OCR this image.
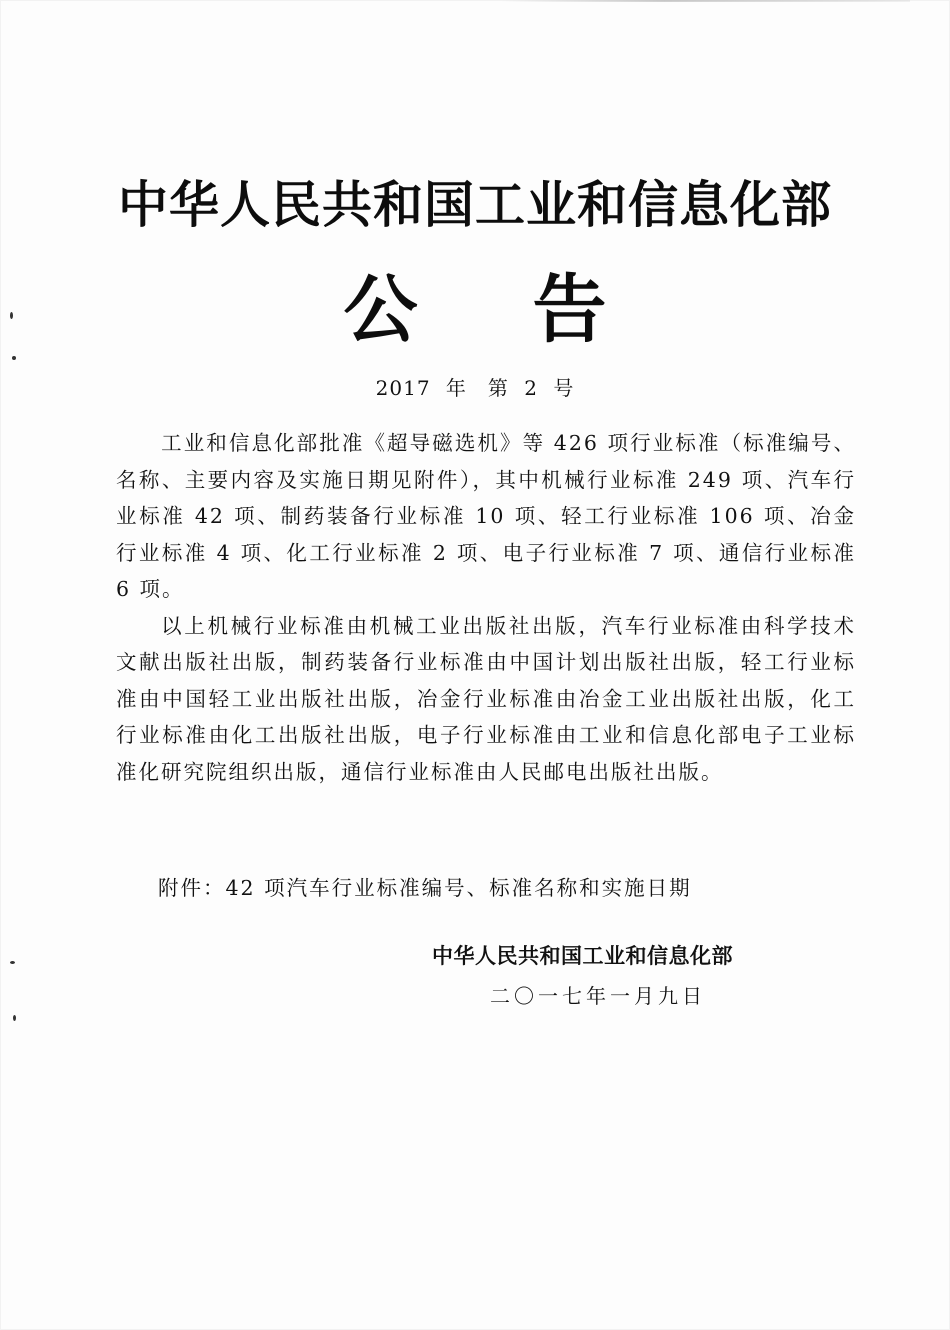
中华人民共和国工业和信息化部
公告
2017 年　第 2 号

工业和信息化部批准《超导磁选机》等 426 项行业标准（标准编号、名称、主要内容及实施日期见附件），其中机械行业标准 249 项、汽车行业标准 42 项、制药装备行业标准 10 项、轻工行业标准 106 项、冶金行业标准 4 项、化工行业标准 2 项、电子行业标准 7 项、通信行业标准 6 项。

以上机械行业标准由机械工业出版社出版，汽车行业标准由科学技术文献出版社出版，制药装备行业标准由中国计划出版社出版，轻工行业标准由中国轻工业出版社出版，冶金行业标准由冶金工业出版社出版，化工行业标准由化工出版社出版，电子行业标准由工业和信息化部电子工业标准化研究院组织出版，通信行业标准由人民邮电出版社出版。

附件：42 项汽车行业标准编号、标准名称和实施日期
中华人民共和国工业和信息化部
二〇一七年一月九日
